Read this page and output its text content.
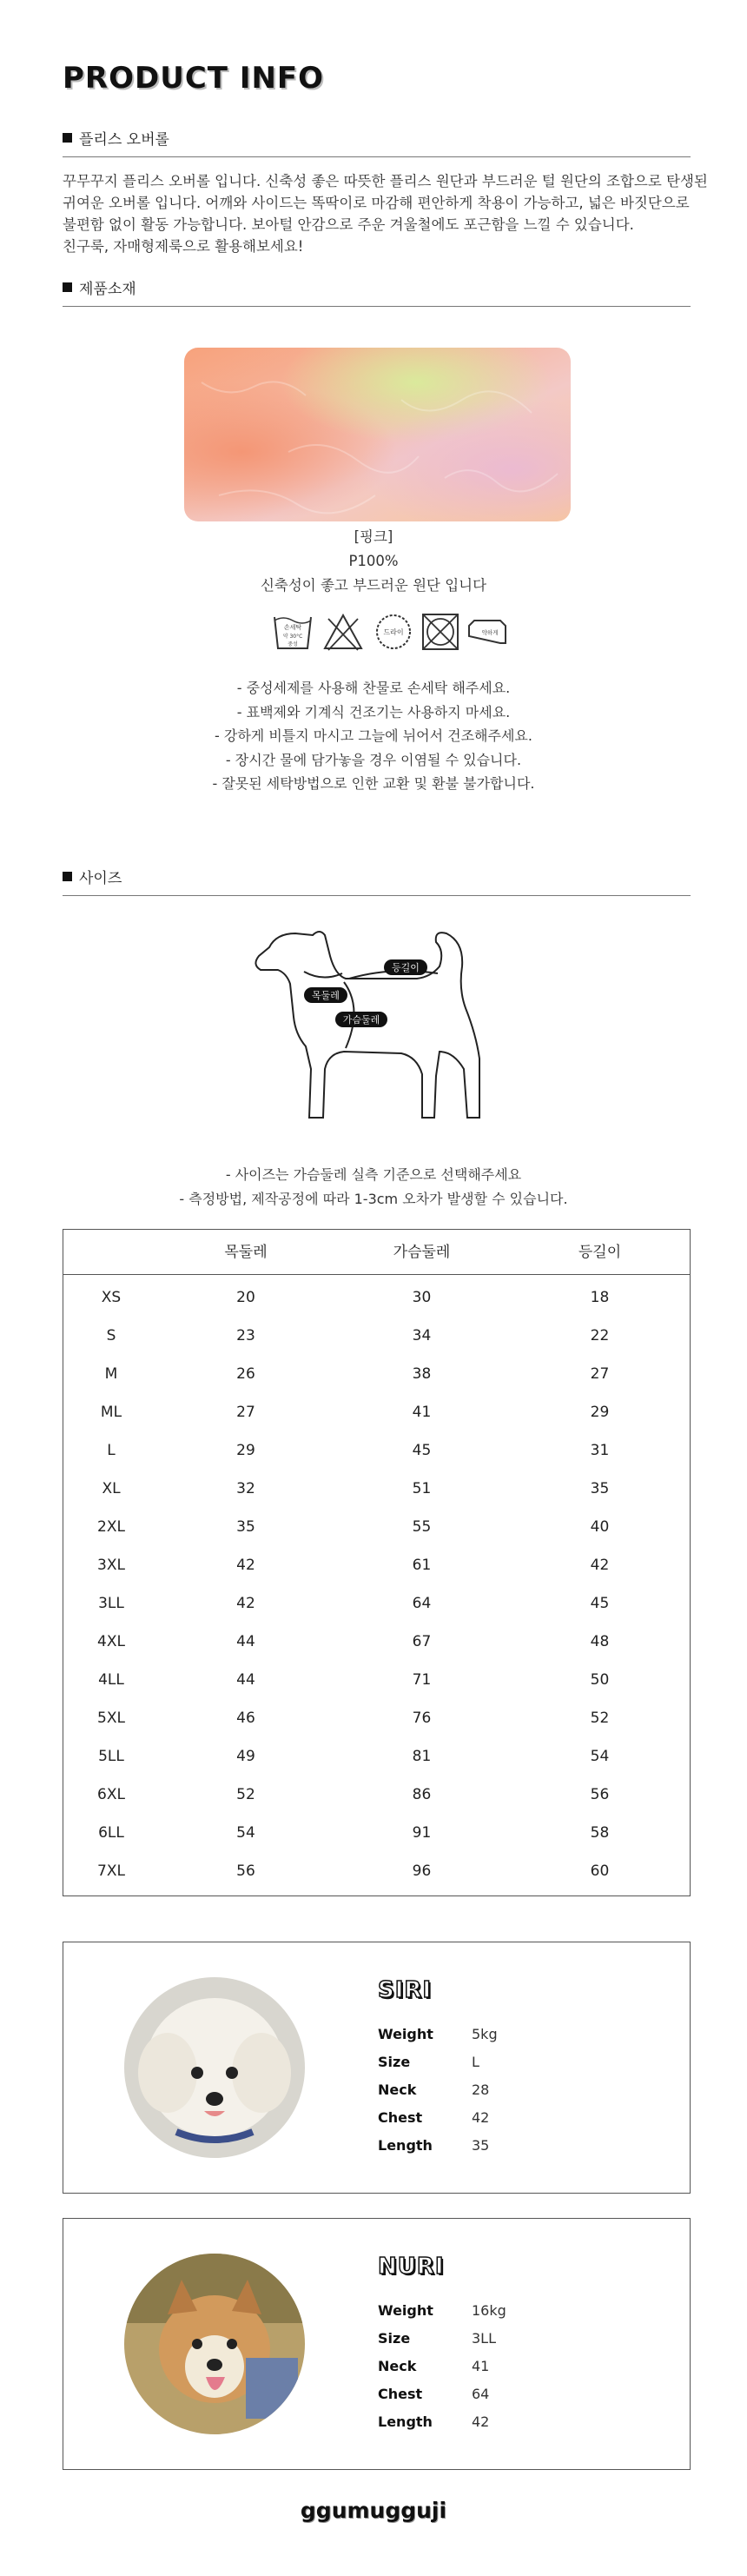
PRODUCT INFO
플리스 오버롤
꾸무꾸지 플리스 오버롤 입니다. 신축성 좋은 따뜻한 플리스 원단과 부드러운 털 원단의 조합으로 탄생된
귀여운 오버롤 입니다. 어깨와 사이드는 똑딱이로 마감해 편안하게 착용이 가능하고, 넓은 바짓단으로
불편함 없이 활동 가능합니다. 보아털 안감으로 주운 겨울철에도 포근함을 느낄 수 있습니다.
친구룩, 자매형제룩으로 활용해보세요!
제품소재
[핑크]
P100%
신축성이 좋고 부드러운 원단 입니다
손세탁
약 30°C
중성
드라이	약하게
- 중성세제를 사용해 찬물로 손세탁 해주세요.
- 표백제와 기계식 건조기는 사용하지 마세요.
- 강하게 비틀지 마시고 그늘에 뉘어서 건조해주세요.
- 장시간 물에 담가놓을 경우 이염될 수 있습니다.
- 잘못된 세탁방법으로 인한 교환 및 환불 불가합니다.
사이즈
목둘레
등길이
가슴둘레
- 사이즈는 가슴둘레 실측 기준으로 선택해주세요
- 측정방법, 제작공정에 따라 1-3cm 오차가 발생할 수 있습니다.
목둘레	가슴둘레	등길이
XS	20	30	18
S	23	34	22
M	26	38	27
ML	27	41	29
L	29	45	31
XL	32	51	35
2XL	35	55	40
3XL	42	61	42
3LL	42	64	45
4XL	44	67	48
4LL	44	71	50
5XL	46	76	52
5LL	49	81	54
6XL	52	86	56
6LL	54	91	58
7XL	56	96	60
SIRI
Weight	5kg
Size	L
Neck	28
Chest	42
Length	35
NURI
Weight	16kg
Size	3LL
Neck	41
Chest	64
Length	42
ggumugguji
